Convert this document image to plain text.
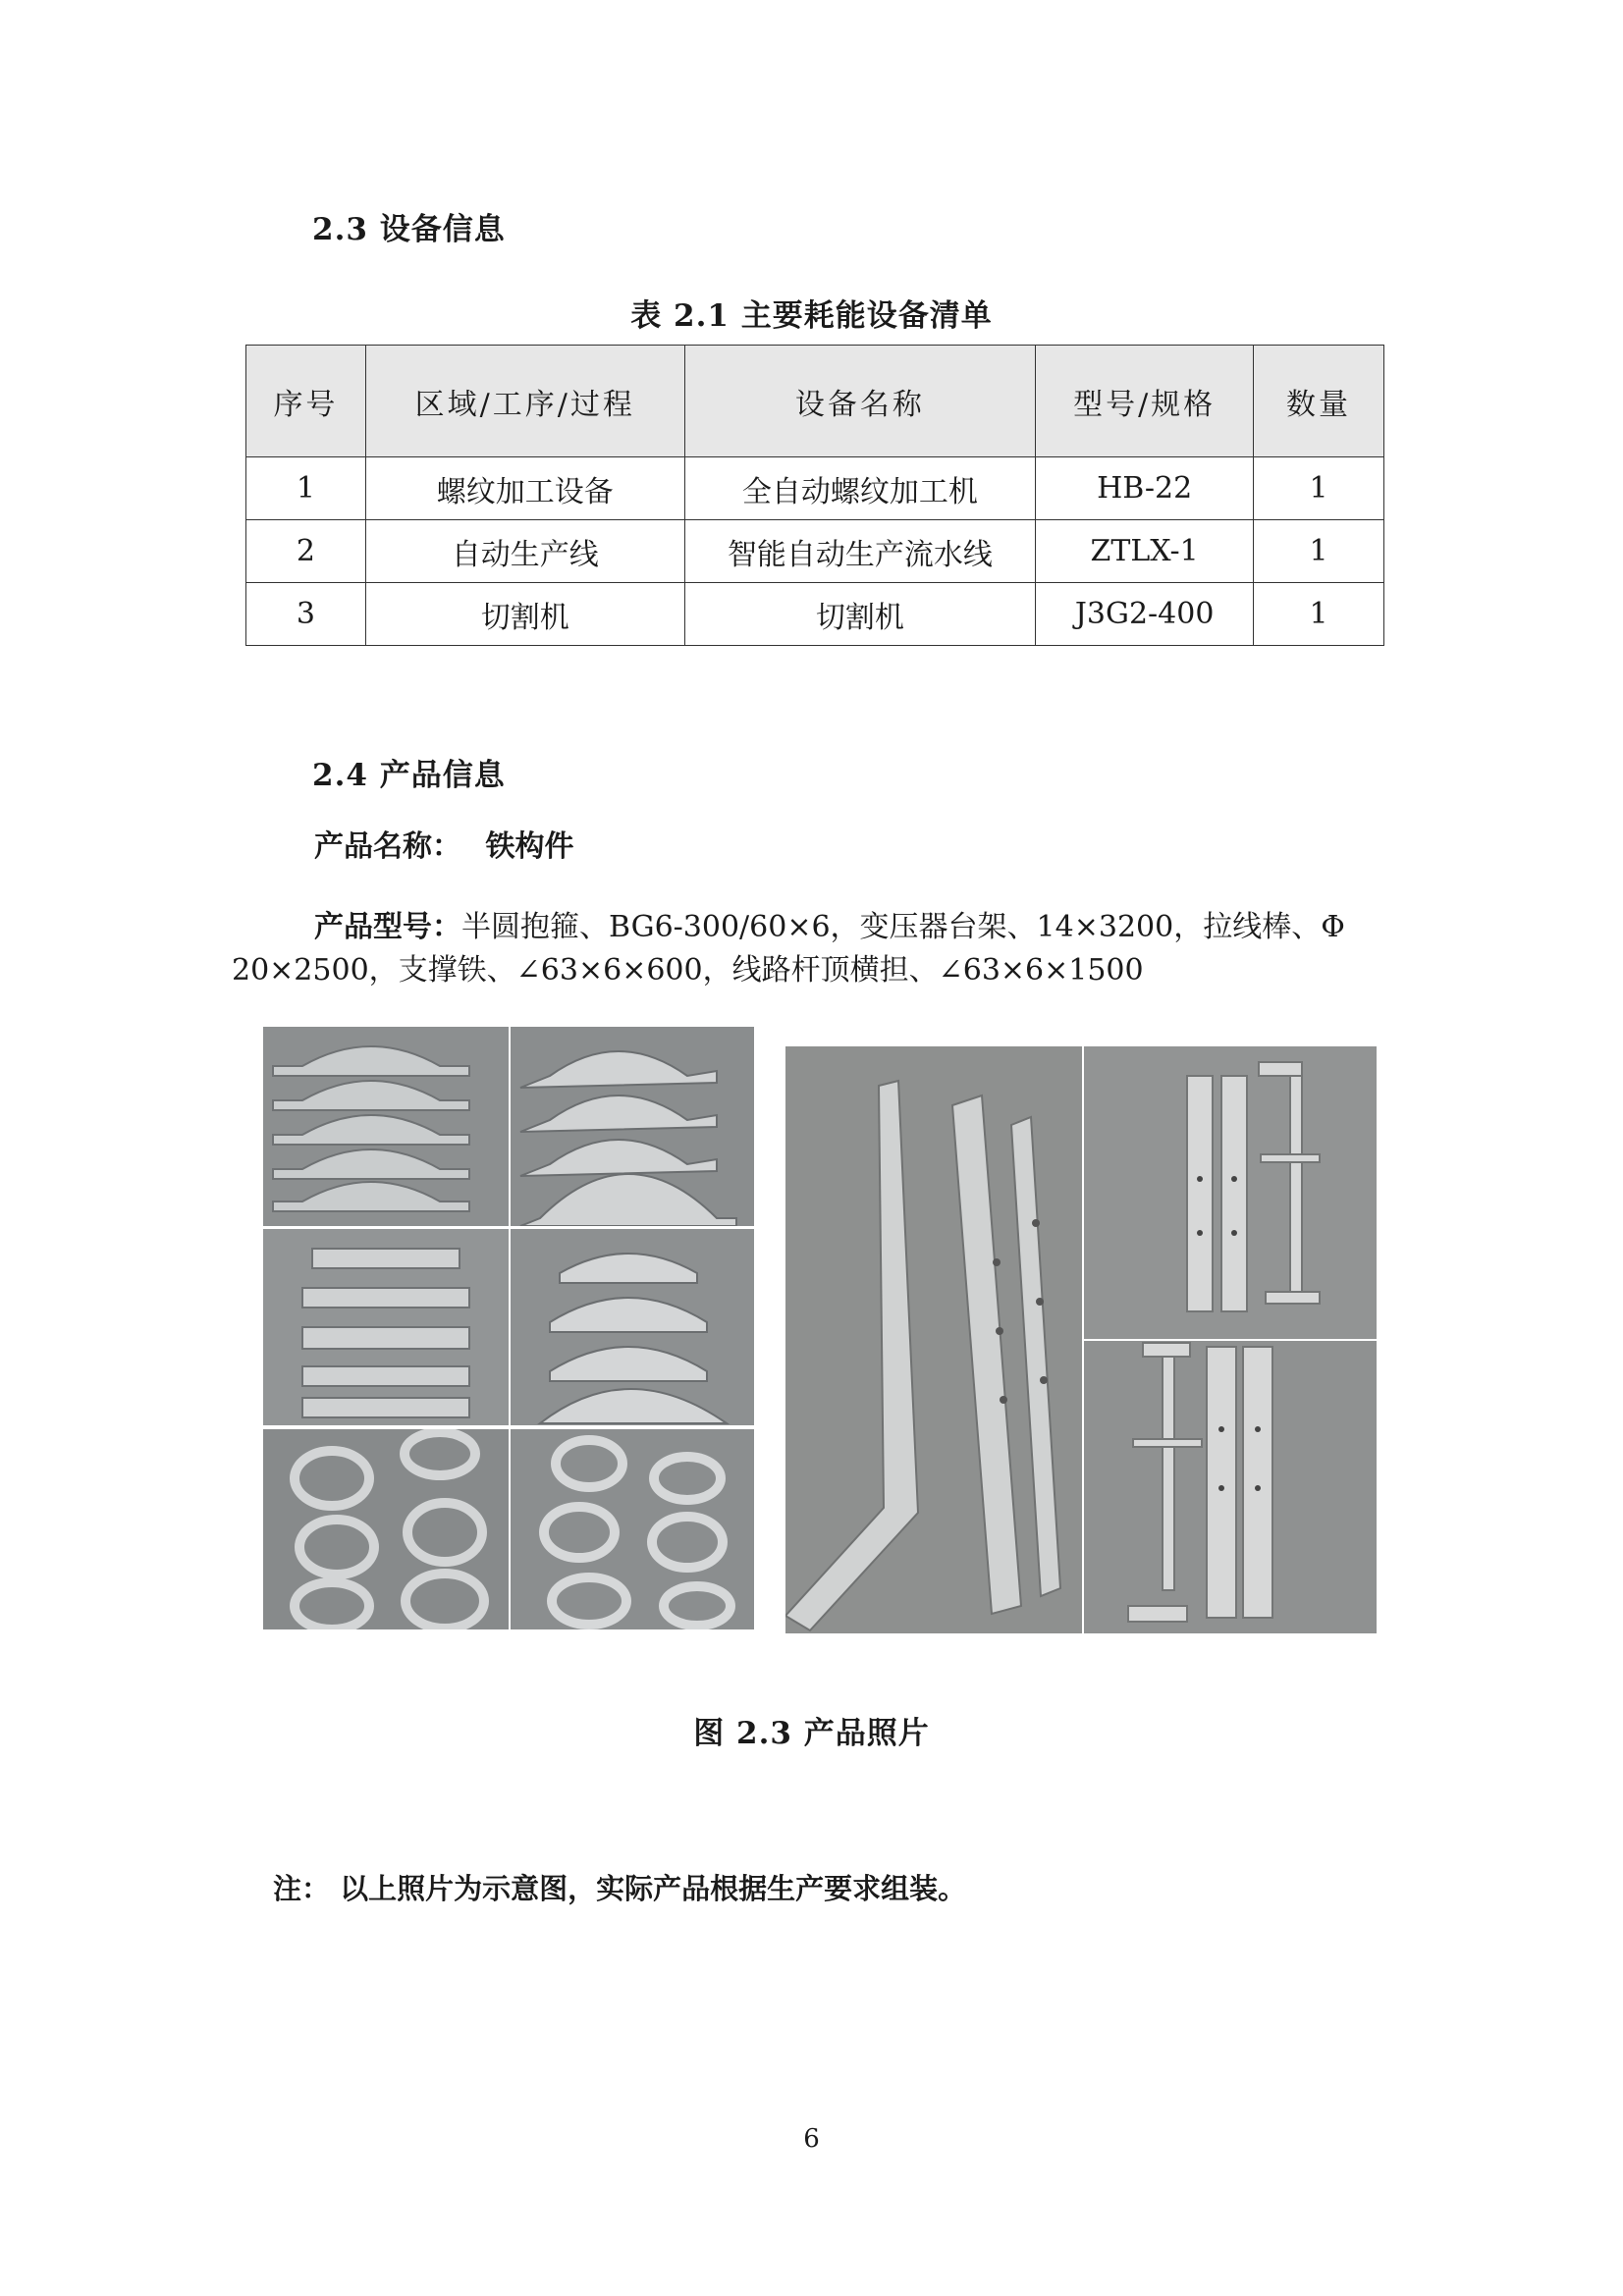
2.3 设备信息
表 2.1 主要耗能设备清单
序号	区域/工序/过程	设备名称	型号/规格	数量
1	螺纹加工设备	全自动螺纹加工机	HB-22	1
2	自动生产线	智能自动生产流水线	ZTLX-1	1
3	切割机	切割机	J3G2-400	1
2.4 产品信息
产品名称： 铁构件
产品型号：半圆抱箍、BG6-300/60×6，变压器台架、14×3200，拉线棒、Φ
20×2500，支撑铁、∠63×6×600，线路杆顶横担、∠63×6×1500
图 2.3 产品照片
注： 以上照片为示意图，实际产品根据生产要求组装。
6
